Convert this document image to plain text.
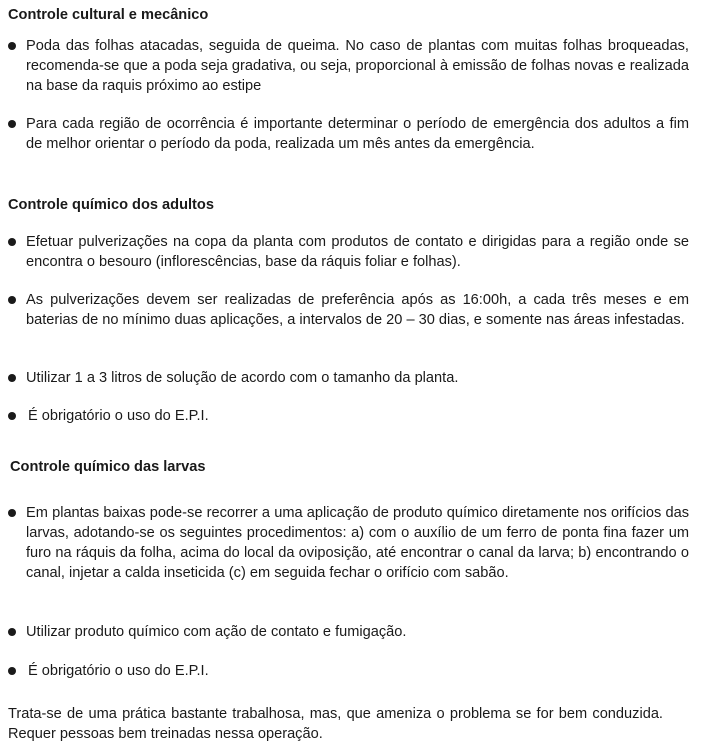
Controle cultural e mecânico
Poda das folhas atacadas, seguida de queima. No caso de plantas com muitas folhas broqueadas, recomenda-se que a poda seja gradativa, ou seja, proporcional à emissão de folhas novas e realizada na base da raquis próximo ao estipe
Para cada região de ocorrência é importante determinar o período de emergência dos adultos a fim de melhor orientar o período da poda, realizada um mês antes da emergência.
Controle químico dos adultos
Efetuar pulverizações na copa da planta com produtos de contato e dirigidas para a região onde se encontra o besouro (inflorescências, base da ráquis foliar e folhas).
As pulverizações devem ser realizadas de preferência após as 16:00h, a cada três meses e em baterias de no mínimo duas aplicações, a intervalos de 20 – 30 dias, e somente nas áreas infestadas.
Utilizar 1 a 3 litros de solução de acordo com o tamanho da planta.
É obrigatório o uso do E.P.I.
Controle químico das larvas
Em plantas baixas pode-se recorrer a uma aplicação de produto químico diretamente nos orifícios das larvas, adotando-se os seguintes procedimentos: a) com o auxílio de um ferro de ponta fina fazer um furo na ráquis da folha, acima do local da oviposição, até encontrar o canal da larva; b) encontrando o canal, injetar a calda inseticida (c) em seguida fechar o orifício com sabão.
Utilizar produto químico com ação de contato e fumigação.
É obrigatório o uso do E.P.I.

Trata-se de uma prática bastante trabalhosa, mas, que ameniza o problema se for bem conduzida. Requer pessoas bem treinadas nessa operação.
